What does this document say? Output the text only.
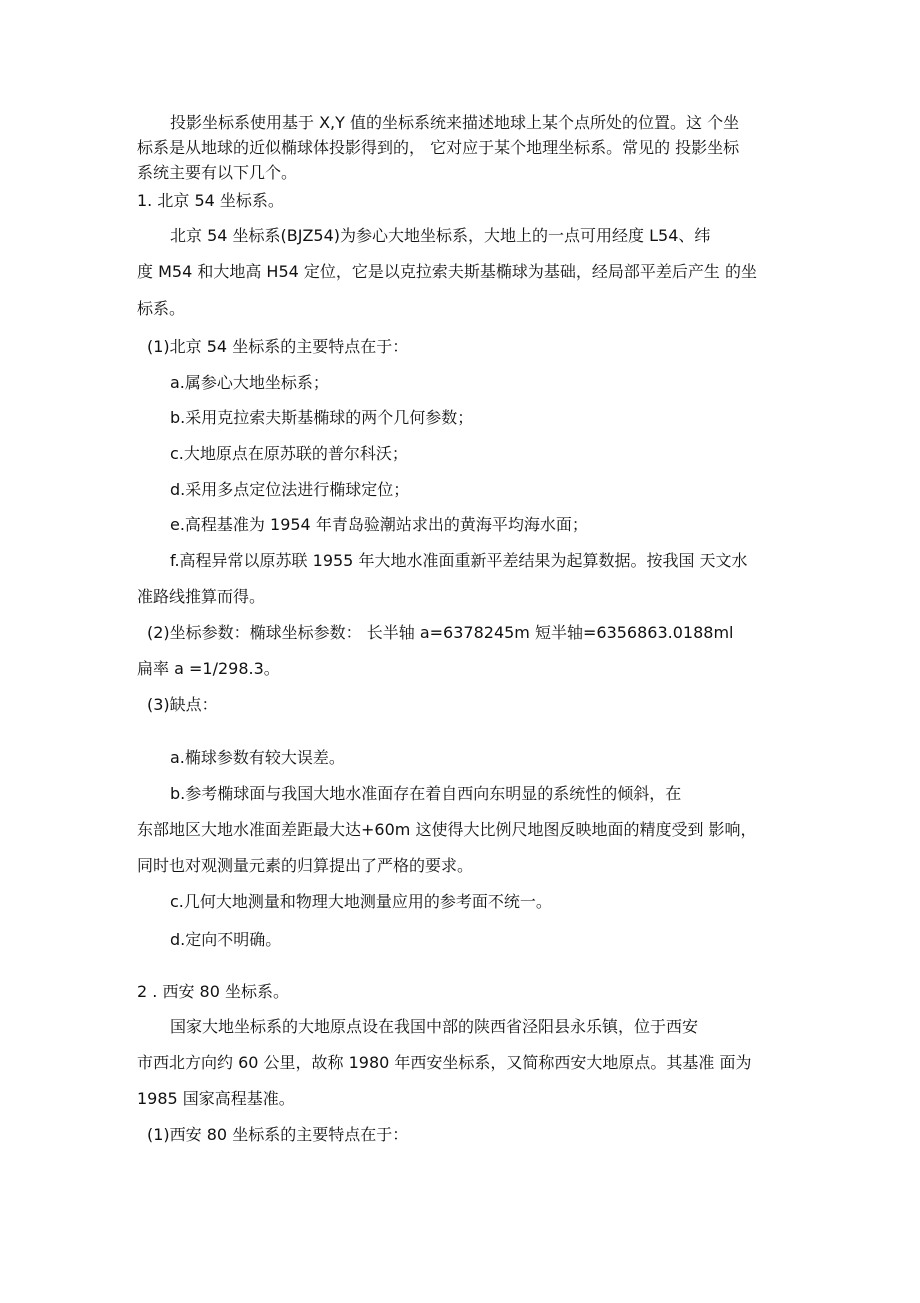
投影坐标系使用基于 X,Y 值的坐标系统来描述地球上某个点所处的位置。这 个坐

标系是从地球的近似椭球体投影得到的， 它对应于某个地理坐标系。常见的 投影坐标

系统主要有以下几个。

1. 北京 54 坐标系。

北京 54 坐标系(BJZ54)为参心大地坐标系，大地上的一点可用经度 L54、纬

度 M54 和大地高 H54 定位，它是以克拉索夫斯基椭球为基础，经局部平差后产生 的坐

标系。

(1)北京 54 坐标系的主要特点在于：

a.属参心大地坐标系；

b.采用克拉索夫斯基椭球的两个几何参数；

c.大地原点在原苏联的普尔科沃；

d.采用多点定位法进行椭球定位；

e.高程基准为 1954 年青岛验潮站求出的黄海平均海水面；

f.高程异常以原苏联 1955 年大地水准面重新平差结果为起算数据。按我国 天文水

准路线推算而得。

(2)坐标参数：椭球坐标参数： 长半轴 a=6378245m 短半轴=6356863.0188ml

扁率 a =1/298.3。

(3)缺点：

a.椭球参数有较大误差。

b.参考椭球面与我国大地水准面存在着自西向东明显的系统性的倾斜，在

东部地区大地水准面差距最大达+60m 这使得大比例尺地图反映地面的精度受到 影响，

同时也对观测量元素的归算提出了严格的要求。

c.几何大地测量和物理大地测量应用的参考面不统一。

d.定向不明确。

2 . 西安 80 坐标系。

国家大地坐标系的大地原点设在我国中部的陕西省泾阳县永乐镇，位于西安

市西北方向约 60 公里，故称 1980 年西安坐标系，又简称西安大地原点。其基准 面为

1985 国家高程基准。

(1)西安 80 坐标系的主要特点在于：
